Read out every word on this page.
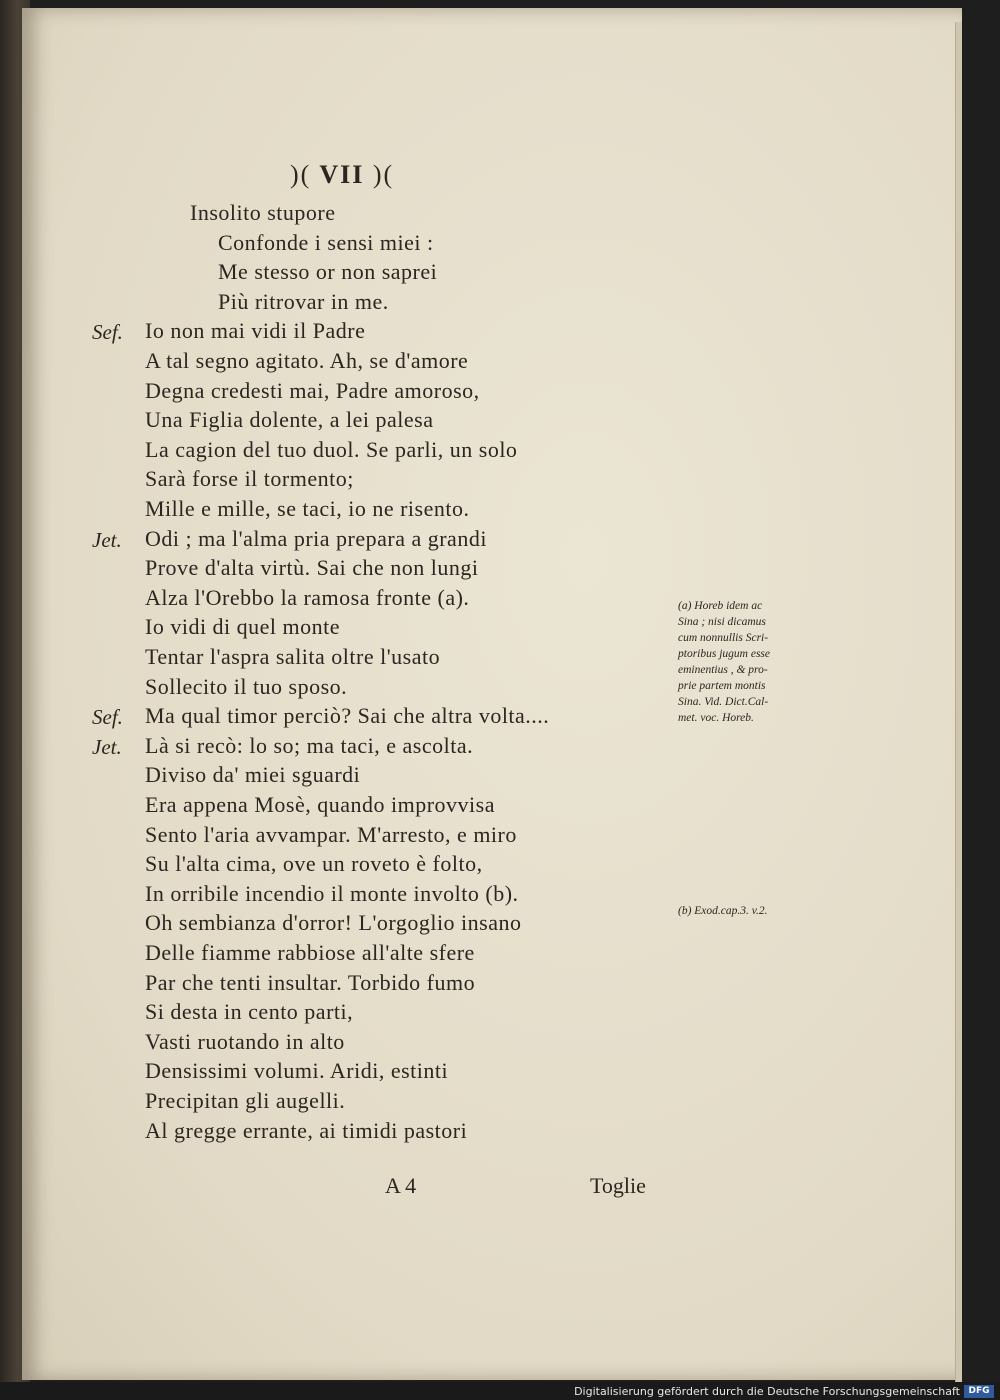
)( VII )(
Insolito stupore
Confonde i sensi miei :
Me stesso or non saprei
Più ritrovar in me.
Sef. Io non mai vidi il Padre
A tal segno agitato. Ah, se d'amore
Degna credesti mai, Padre amoroso,
Una Figlia dolente, a lei palesa
La cagion del tuo duol. Se parli, un solo
Sarà forse il tormento;
Mille e mille, se taci, io ne risento.
Jet. Odi ; ma l'alma pria prepara a grandi
Prove d'alta virtù. Sai che non lungi
Alza l'Orebbo la ramosa fronte (a).
Io vidi di quel monte
Tentar l'aspra salita oltre l'usato
Sollecito il tuo sposo.
Sef. Ma qual timor perciò? Sai che altra volta....
Jet. Là si recò: lo so; ma taci, e ascolta.
Diviso da' miei sguardi
Era appena Mosè, quando improvvisa
Sento l'aria avvampar. M'arresto, e miro
Su l'alta cima, ove un roveto è folto,
In orribile incendio il monte involto (b).
Oh sembianza d'orror! L'orgoglio insano
Delle fiamme rabbiose all'alte sfere
Par che tenti insultar. Torbido fumo
Si desta in cento parti,
Vasti ruotando in alto
Densissimi volumi. Aridi, estinti
Precipitan gli augelli.
Al gregge errante, ai timidi pastori
(a) Horeb idem ac
Sina ; nisi dicamus
cum nonnullis Scri-
ptoribus jugum esse
eminentius , & pro-
prie partem montis
Sina. Vid. Dict.Cal-
met. voc. Horeb.
(b) Exod.cap.3. v.2.
A 4	Toglie
Digitalisierung gefördert durch die Deutsche Forschungsgemeinschaft DFG
